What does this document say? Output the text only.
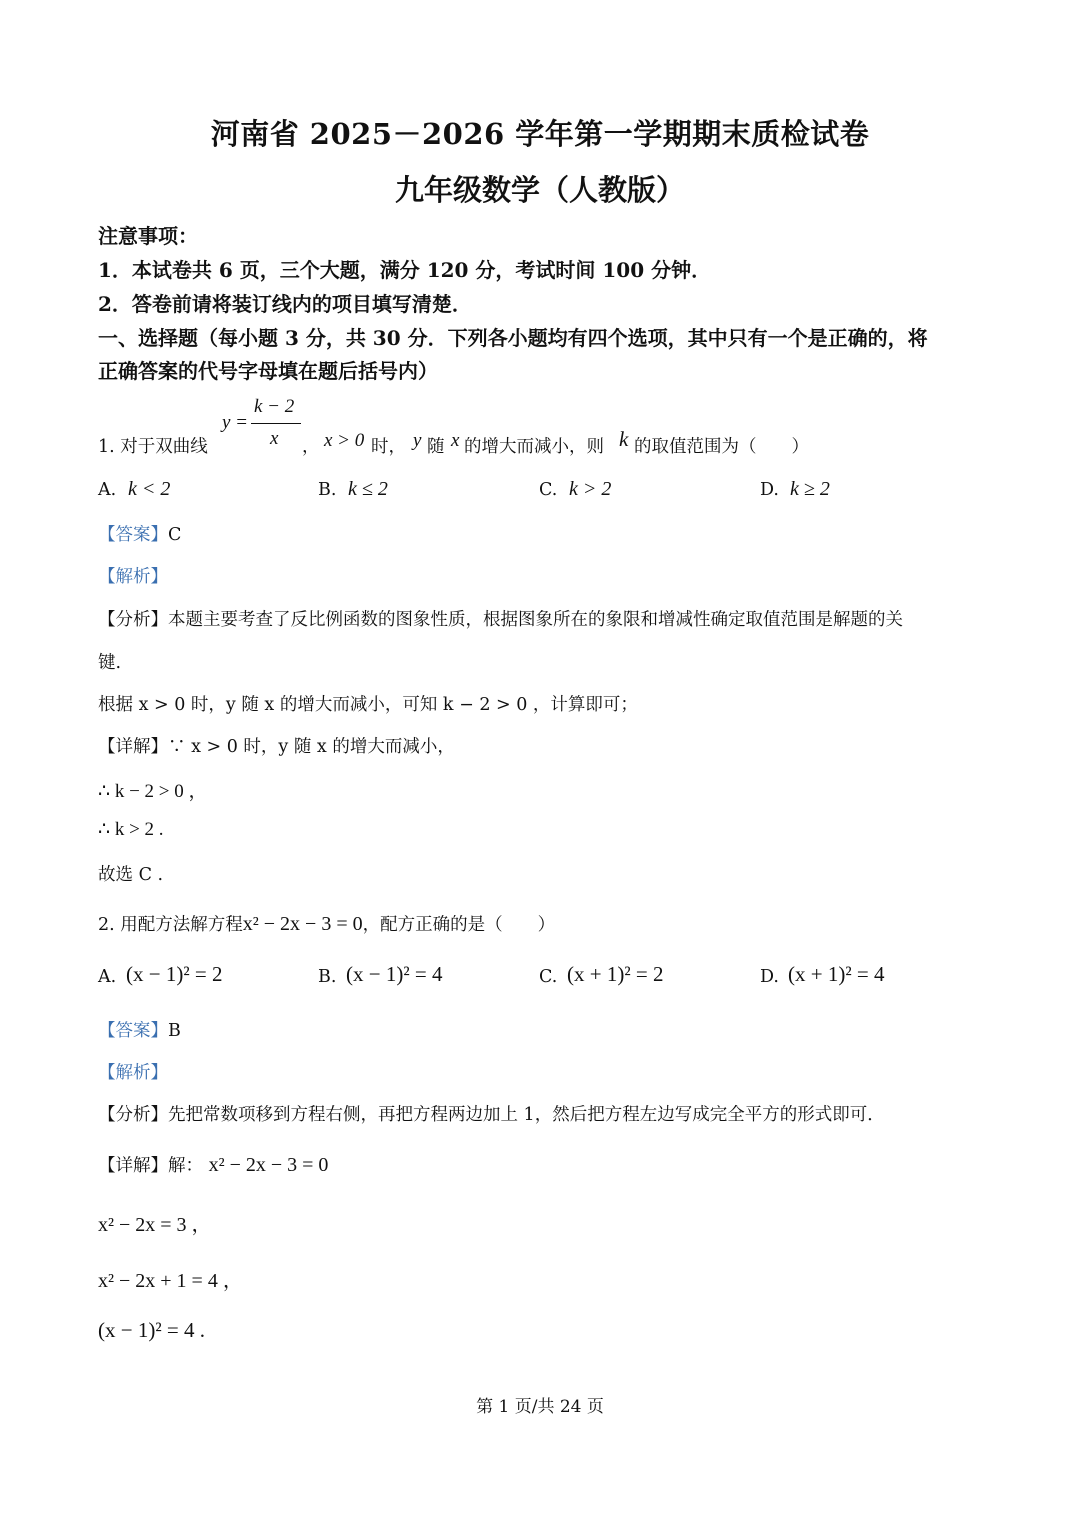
河南省 2025－2026 学年第一学期期末质检试卷
九年级数学（人教版）
注意事项：
1．本试卷共 6 页，三个大题，满分 120 分，考试时间 100 分钟．
2．答卷前请将装订线内的项目填写清楚．
一、选择题（每小题 3 分，共 30 分．下列各小题均有四个选项，其中只有一个是正确的，将
正确答案的代号字母填在题后括号内）
1. 对于双曲线
y =
k − 2
x ， x > 0 时， y 随 x 的增大而减小，则 k 的取值范围为（　　）
A. k < 2	B. k ≤ 2	C. k > 2	D. k ≥ 2
【答案】C
【解析】
【分析】本题主要考查了反比例函数的图象性质，根据图象所在的象限和增减性确定取值范围是解题的关
键.
根据 x > 0 时，y 随 x 的增大而减小，可知 k − 2 > 0 ，计算即可；
【详解】∵ x > 0 时，y 随 x 的增大而减小，
∴ k − 2 > 0 ，
∴ k > 2 .
故选 C .
2. 用配方法解方程x² − 2x − 3 = 0，配方正确的是（　　）
A. (x − 1)² = 2	B. (x − 1)² = 4	C. (x + 1)² = 2	D. (x + 1)² = 4
【答案】B
【解析】
【分析】先把常数项移到方程右侧，再把方程两边加上 1，然后把方程左边写成完全平方的形式即可．
【详解】解： x² − 2x − 3 = 0
x² − 2x = 3 ，
x² − 2x + 1 = 4 ，
(x − 1)² = 4 .
第 1 页/共 24 页
